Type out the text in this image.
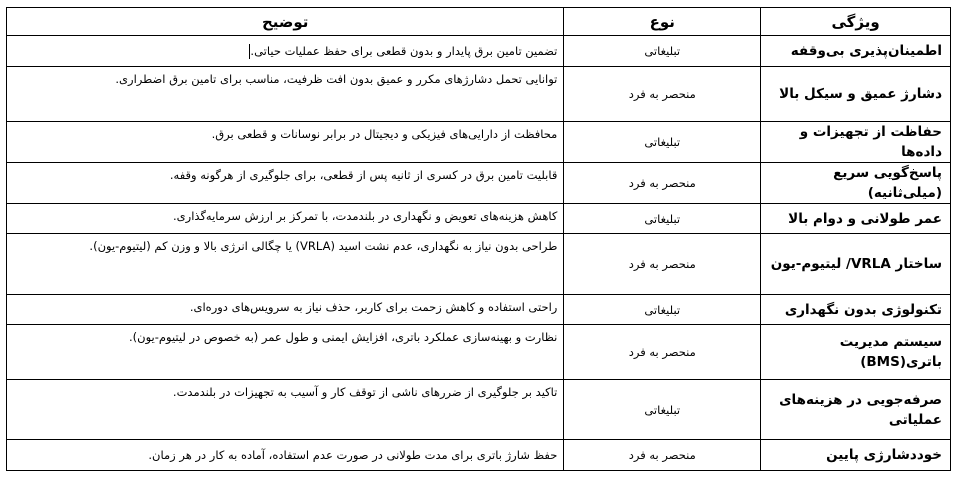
ویژگی	نوع	توضیح
اطمینان‌پذیری بی‌وقفه	تبلیغاتی	تضمین تامین برق پایدار و بدون قطعی برای حفظ عملیات حیاتی.
دشارژ عمیق و سیکل بالا	منحصر به فرد	توانایی تحمل دشارژهای مکرر و عمیق بدون افت ظرفیت، مناسب برای تامین برق اضطراری.
حفاظت از تجهیزات و داده‌ها	تبلیغاتی	محافظت از دارایی‌های فیزیکی و دیجیتال در برابر نوسانات و قطعی برق.
پاسخ‌گویی سریع (میلی‌ثانیه)	منحصر به فرد	قابلیت تامین برق در کسری از ثانیه پس از قطعی، برای جلوگیری از هرگونه وقفه.
عمر طولانی و دوام بالا	تبلیغاتی	کاهش هزینه‌های تعویض و نگهداری در بلندمدت، با تمرکز بر ارزش سرمایه‌گذاری.
ساختار VRLA/ لیتیوم-یون	منحصر به فرد	طراحی بدون نیاز به نگهداری، عدم نشت اسید (VRLA) یا چگالی انرژی بالا و وزن کم (لیتیوم-یون).
تکنولوژی بدون نگهداری	تبلیغاتی	راحتی استفاده و کاهش زحمت برای کاربر، حذف نیاز به سرویس‌های دوره‌ای.
سیستم مدیریت باتری(BMS)	منحصر به فرد	نظارت و بهینه‌سازی عملکرد باتری، افزایش ایمنی و طول عمر (به خصوص در لیتیوم-یون).
صرفه‌جویی در هزینه‌های عملیاتی	تبلیغاتی	تاکید بر جلوگیری از ضررهای ناشی از توقف کار و آسیب به تجهیزات در بلندمدت.
خوددشارژی پایین	منحصر به فرد	حفظ شارژ باتری برای مدت طولانی در صورت عدم استفاده، آماده به کار در هر زمان.
